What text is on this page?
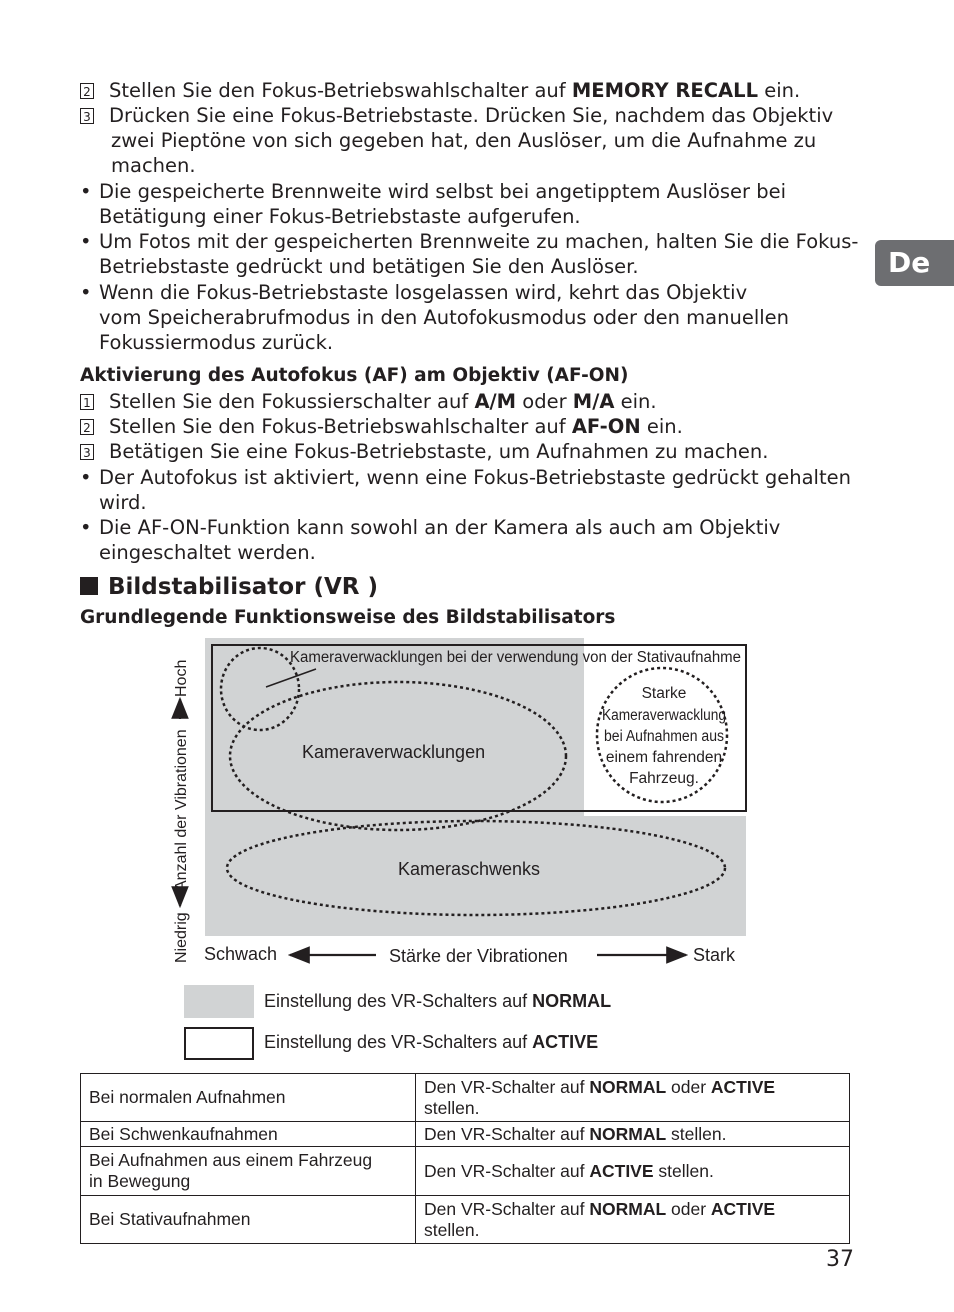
De
2 Stellen Sie den Fokus-Betriebswahlschalter auf MEMORY RECALL ein.
3 Drücken Sie eine Fokus-Betriebstaste. Drücken Sie, nachdem das Objektiv
zwei Pieptöne von sich gegeben hat, den Auslöser, um die Aufnahme zu
machen.
• Die gespeicherte Brennweite wird selbst bei angetipptem Auslöser bei
Betätigung einer Fokus-Betriebstaste aufgerufen.
• Um Fotos mit der gespeicherten Brennweite zu machen, halten Sie die Fokus-
Betriebstaste gedrückt und betätigen Sie den Auslöser.
• Wenn die Fokus-Betriebstaste losgelassen wird, kehrt das Objektiv
vom Speicherabrufmodus in den Autofokusmodus oder den manuellen
Fokussiermodus zurück.
Aktivierung des Autofokus (AF) am Objektiv (AF-ON)
1 Stellen Sie den Fokussierschalter auf A/M oder M/A ein.
2 Stellen Sie den Fokus-Betriebswahlschalter auf AF-ON ein.
3 Betätigen Sie eine Fokus-Betriebstaste, um Aufnahmen zu machen.
• Der Autofokus ist aktiviert, wenn eine Fokus-Betriebstaste gedrückt gehalten
wird.
• Die AF-ON-Funktion kann sowohl an der Kamera als auch am Objektiv
eingeschaltet werden.
Bildstabilisator (VR )
Grundlegende Funktionsweise des Bildstabilisators
Kameraverwacklungen bei der verwendung von der Stativaufnahme
Kameraverwacklungen
Kameraschwenks
Starke
Kameraverwacklung
bei Aufnahmen aus
einem fahrenden
Fahrzeug.
Niedrig
Anzahl der Vibrationen
Hoch
Schwach	Stärke der Vibrationen	Stark
Einstellung des VR-Schalters auf NORMAL
Einstellung des VR-Schalters auf ACTIVE
Bei normalen Aufnahmen	Den VR-Schalter auf NORMAL oder ACTIVE
stellen.
Bei Schwenkaufnahmen	Den VR-Schalter auf NORMAL stellen.
Bei Aufnahmen aus einem Fahrzeug
in Bewegung	Den VR-Schalter auf ACTIVE stellen.
Bei Stativaufnahmen	Den VR-Schalter auf NORMAL oder ACTIVE
stellen.
37
